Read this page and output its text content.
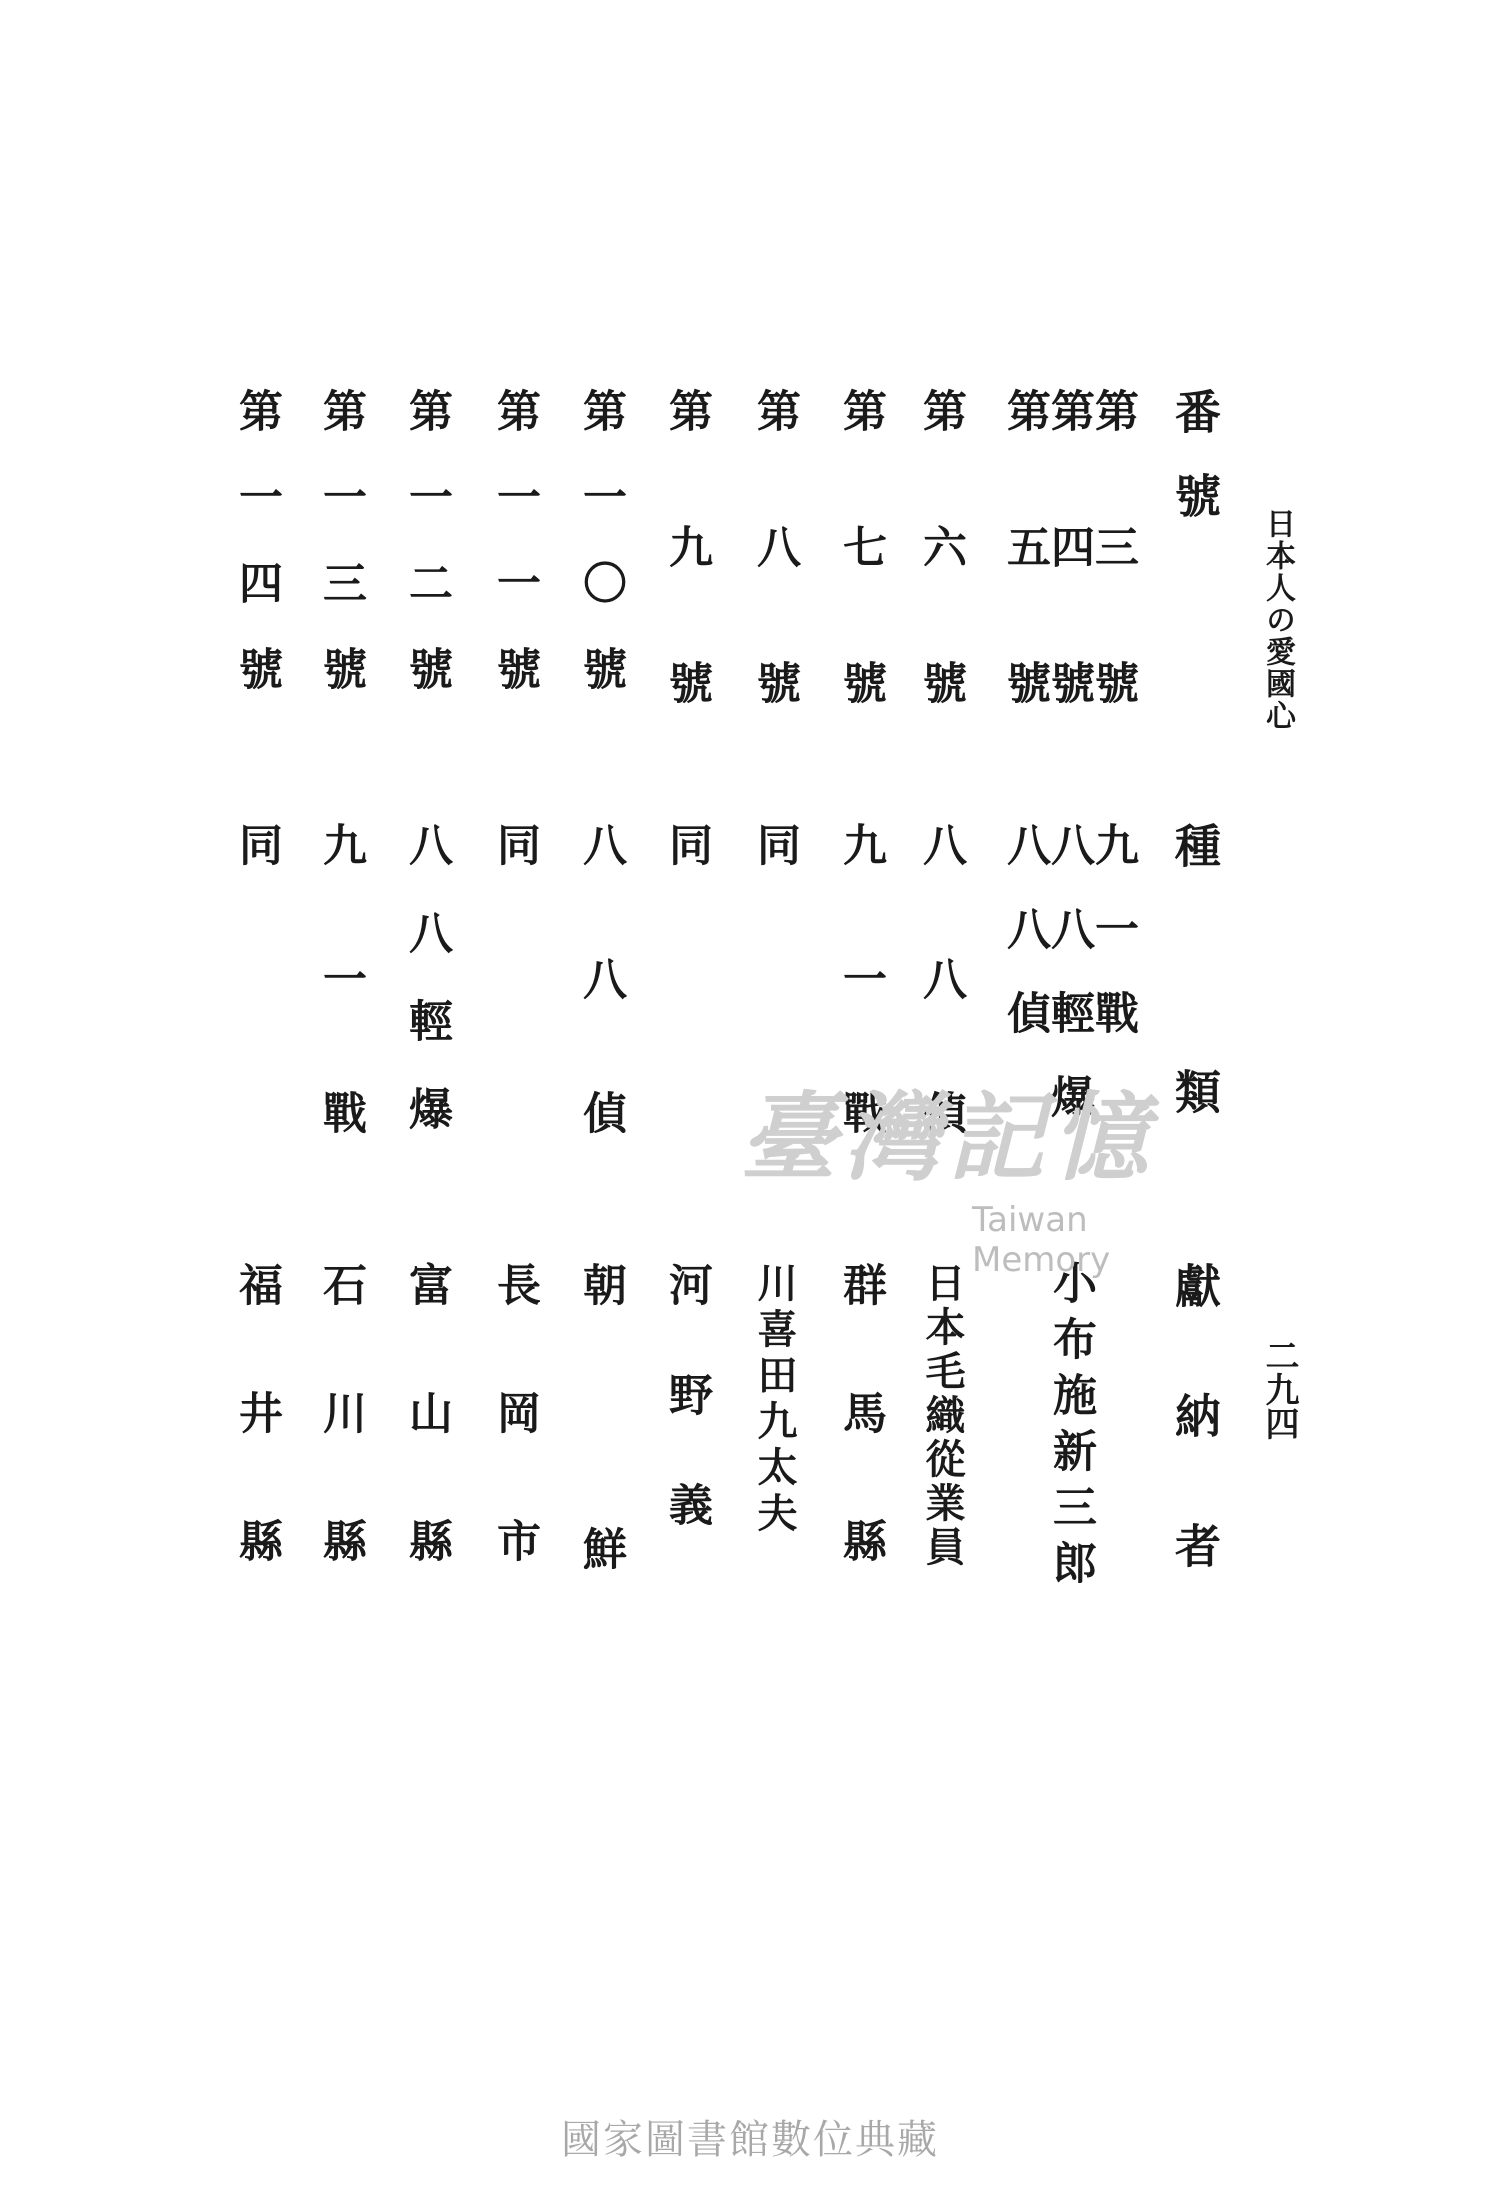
日本人の愛國心
二九四
番號
種類
獻納者
第三號
九一戰
小布施新三郎
第四號
八八輕爆
第五號
八八偵
第六號
八八偵
日本毛織從業員
第七號
九一戰
群馬縣
第八號
同
川喜田九太夫
第九號
同
河野義
第一〇號
八八偵
朝鮮
第一一號
同
長岡市
第一二號
八八輕爆
富山縣
第一三號
九一戰
石川縣
第一四號
同
福井縣
臺灣記憶
Taiwan Memory
國家圖書館數位典藏
